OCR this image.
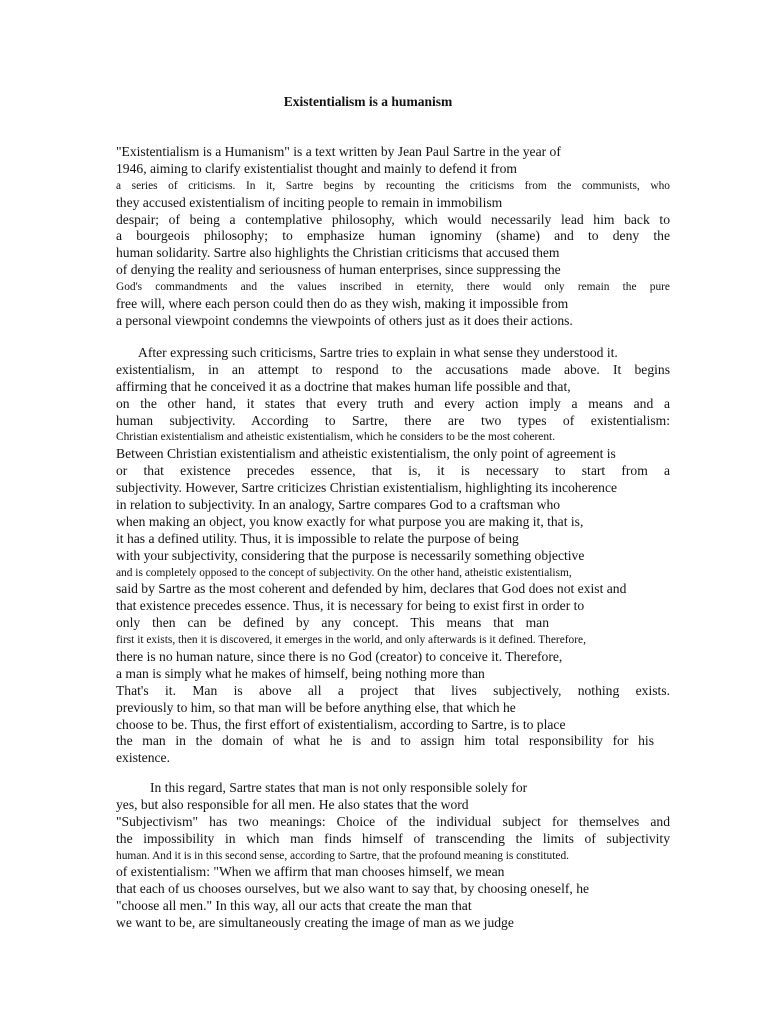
Existentialism is a humanism
"Existentialism is a Humanism" is a text written by Jean Paul Sartre in the year of
1946, aiming to clarify existentialist thought and mainly to defend it from
a series of criticisms. In it, Sartre begins by recounting the criticisms from the communists, who
they accused existentialism of inciting people to remain in immobilism
despair; of being a contemplative philosophy, which would necessarily lead him back to
a bourgeois philosophy; to emphasize human ignominy (shame) and to deny the
human solidarity. Sartre also highlights the Christian criticisms that accused them
of denying the reality and seriousness of human enterprises, since suppressing the
God's commandments and the values inscribed in eternity, there would only remain the pure
free will, where each person could then do as they wish, making it impossible from
a personal viewpoint condemns the viewpoints of others just as it does their actions.
After expressing such criticisms, Sartre tries to explain in what sense they understood it.
existentialism, in an attempt to respond to the accusations made above. It begins
affirming that he conceived it as a doctrine that makes human life possible and that,
on the other hand, it states that every truth and every action imply a means and a
human subjectivity. According to Sartre, there are two types of existentialism:
Christian existentialism and atheistic existentialism, which he considers to be the most coherent.
Between Christian existentialism and atheistic existentialism, the only point of agreement is
or that existence precedes essence, that is, it is necessary to start from a
subjectivity. However, Sartre criticizes Christian existentialism, highlighting its incoherence
in relation to subjectivity. In an analogy, Sartre compares God to a craftsman who
when making an object, you know exactly for what purpose you are making it, that is,
it has a defined utility. Thus, it is impossible to relate the purpose of being
with your subjectivity, considering that the purpose is necessarily something objective
and is completely opposed to the concept of subjectivity. On the other hand, atheistic existentialism,
said by Sartre as the most coherent and defended by him, declares that God does not exist and
that existence precedes essence. Thus, it is necessary for being to exist first in order to
only then can be defined by any concept. This means that man
first it exists, then it is discovered, it emerges in the world, and only afterwards is it defined. Therefore,
there is no human nature, since there is no God (creator) to conceive it. Therefore,
a man is simply what he makes of himself, being nothing more than
That's it. Man is above all a project that lives subjectively, nothing exists.
previously to him, so that man will be before anything else, that which he
choose to be. Thus, the first effort of existentialism, according to Sartre, is to place
the man in the domain of what he is and to assign him total responsibility for his
existence.
In this regard, Sartre states that man is not only responsible solely for
yes, but also responsible for all men. He also states that the word
"Subjectivism" has two meanings: Choice of the individual subject for themselves and
the impossibility in which man finds himself of transcending the limits of subjectivity
human. And it is in this second sense, according to Sartre, that the profound meaning is constituted.
of existentialism: "When we affirm that man chooses himself, we mean
that each of us chooses ourselves, but we also want to say that, by choosing oneself, he
"choose all men." In this way, all our acts that create the man that
we want to be, are simultaneously creating the image of man as we judge
